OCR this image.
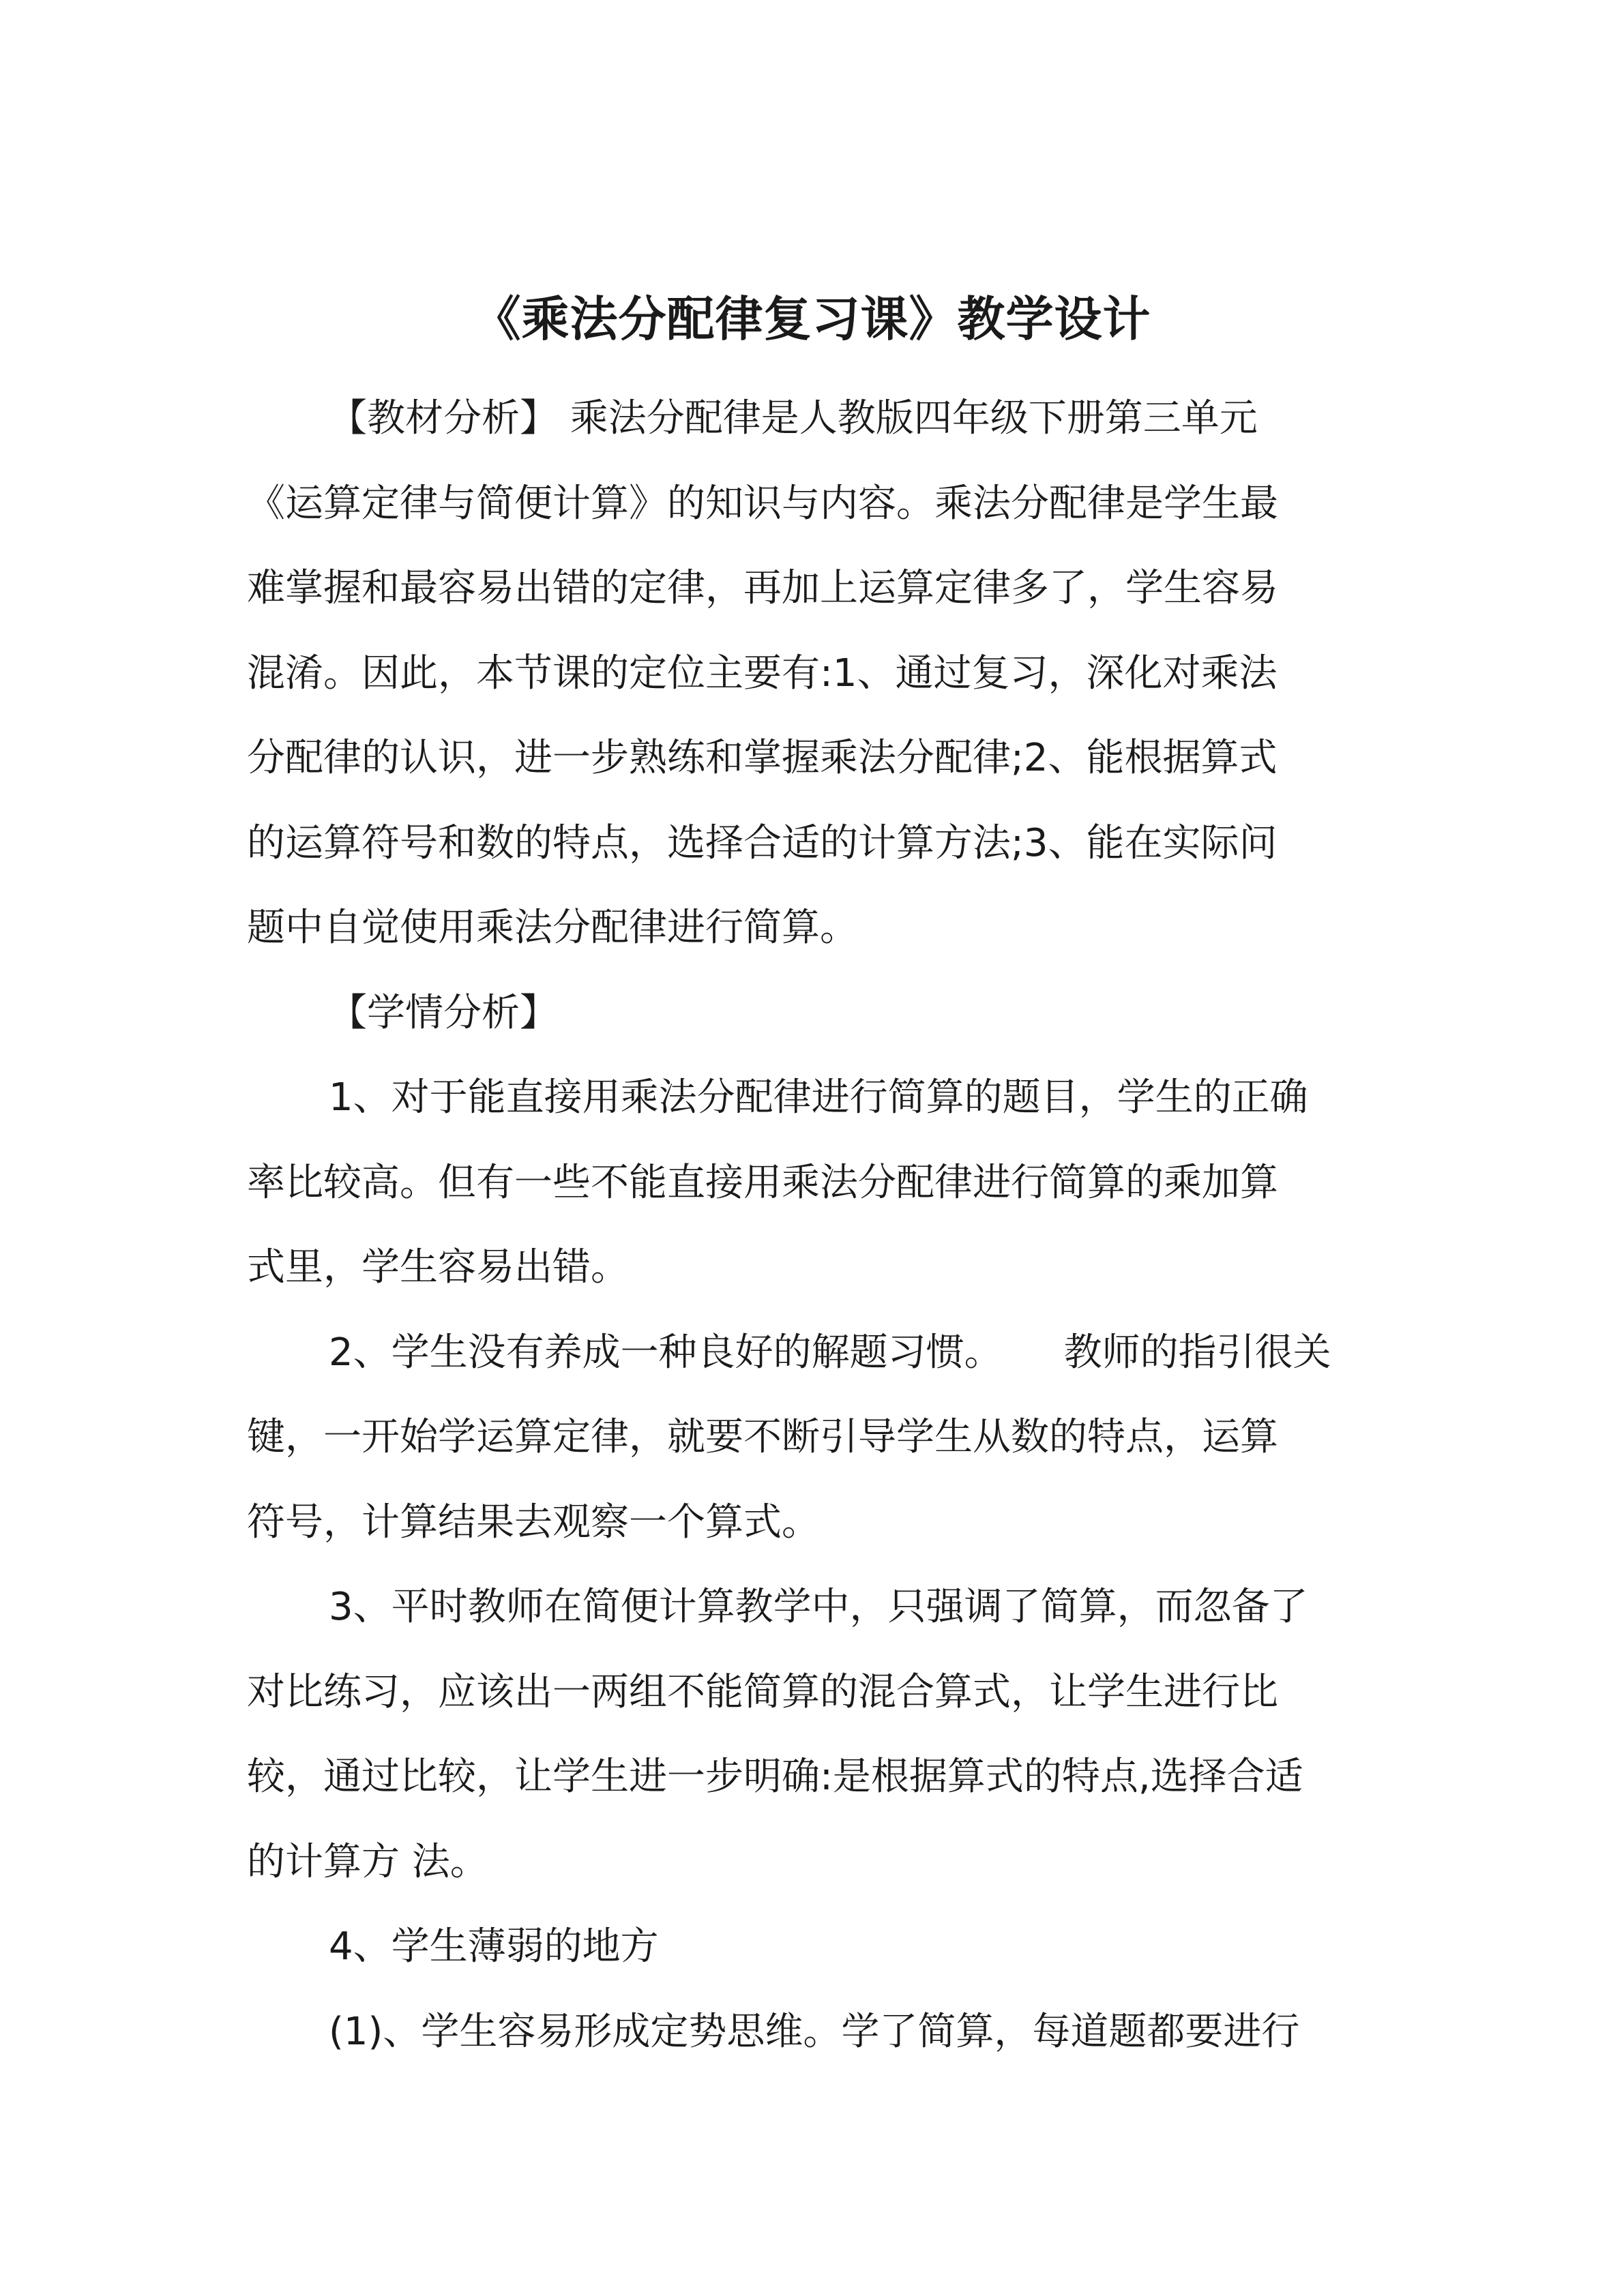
《乘法分配律复习课》教学设计
【教材分析】 乘法分配律是人教版四年级下册第三单元
《运算定律与简便计算》的知识与内容。乘法分配律是学生最
难掌握和最容易出错的定律，再加上运算定律多了，学生容易
混淆。因此，本节课的定位主要有:1、通过复习，深化对乘法
分配律的认识，进一步熟练和掌握乘法分配律;2、能根据算式
的运算符号和数的特点，选择合适的计算方法;3、能在实际问
题中自觉使用乘法分配律进行简算。
【学情分析】
1、对于能直接用乘法分配律进行简算的题目，学生的正确
率比较高。但有一些不能直接用乘法分配律进行简算的乘加算
式里，学生容易出错。
2、学生没有养成一种良好的解题习惯。 教师的指引很关
键，一开始学运算定律，就要不断引导学生从数的特点，运算
符号，计算结果去观察一个算式。
3、平时教师在简便计算教学中，只强调了简算，而忽备了
对比练习，应该出一两组不能简算的混合算式，让学生进行比
较，通过比较，让学生进一步明确:是根据算式的特点,选择合适
的计算方 法。
4、学生薄弱的地方
(1)、学生容易形成定势思维。学了简算，每道题都要进行
